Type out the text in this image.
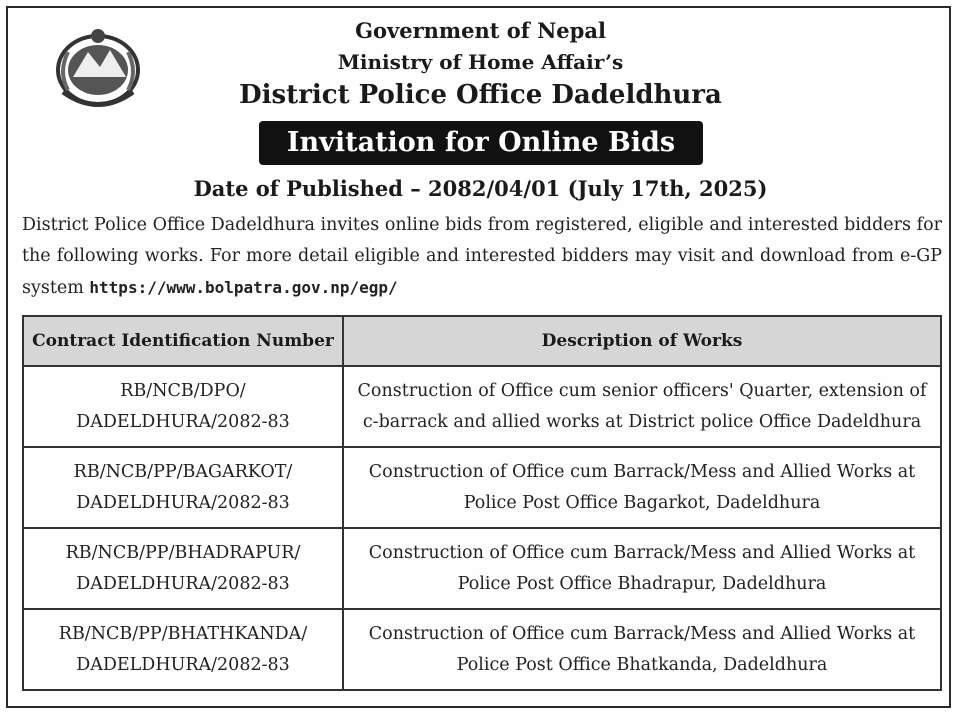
Government of Nepal
Ministry of Home Affair’s
District Police Office Dadeldhura
Invitation for Online Bids
Date of Published – 2082/04/01 (July 17th, 2025)
District Police Office Dadeldhura invites online bids from registered, eligible and interested bidders for the following works. For more detail eligible and interested bidders may visit and download from e-GP system https://www.bolpatra.gov.np/egp/
Contract Identification Number	Description of Works
RB/NCB/DPO/
DADELDHURA/2082-83	Construction of Office cum senior officers' Quarter, extension of c-barrack and allied works at District police Office Dadeldhura
RB/NCB/PP/BAGARKOT/
DADELDHURA/2082-83	Construction of Office cum Barrack/Mess and Allied Works at Police Post Office Bagarkot, Dadeldhura
RB/NCB/PP/BHADRAPUR/
DADELDHURA/2082-83	Construction of Office cum Barrack/Mess and Allied Works at Police Post Office Bhadrapur, Dadeldhura
RB/NCB/PP/BHATHKANDA/
DADELDHURA/2082-83	Construction of Office cum Barrack/Mess and Allied Works at Police Post Office Bhatkanda, Dadeldhura
